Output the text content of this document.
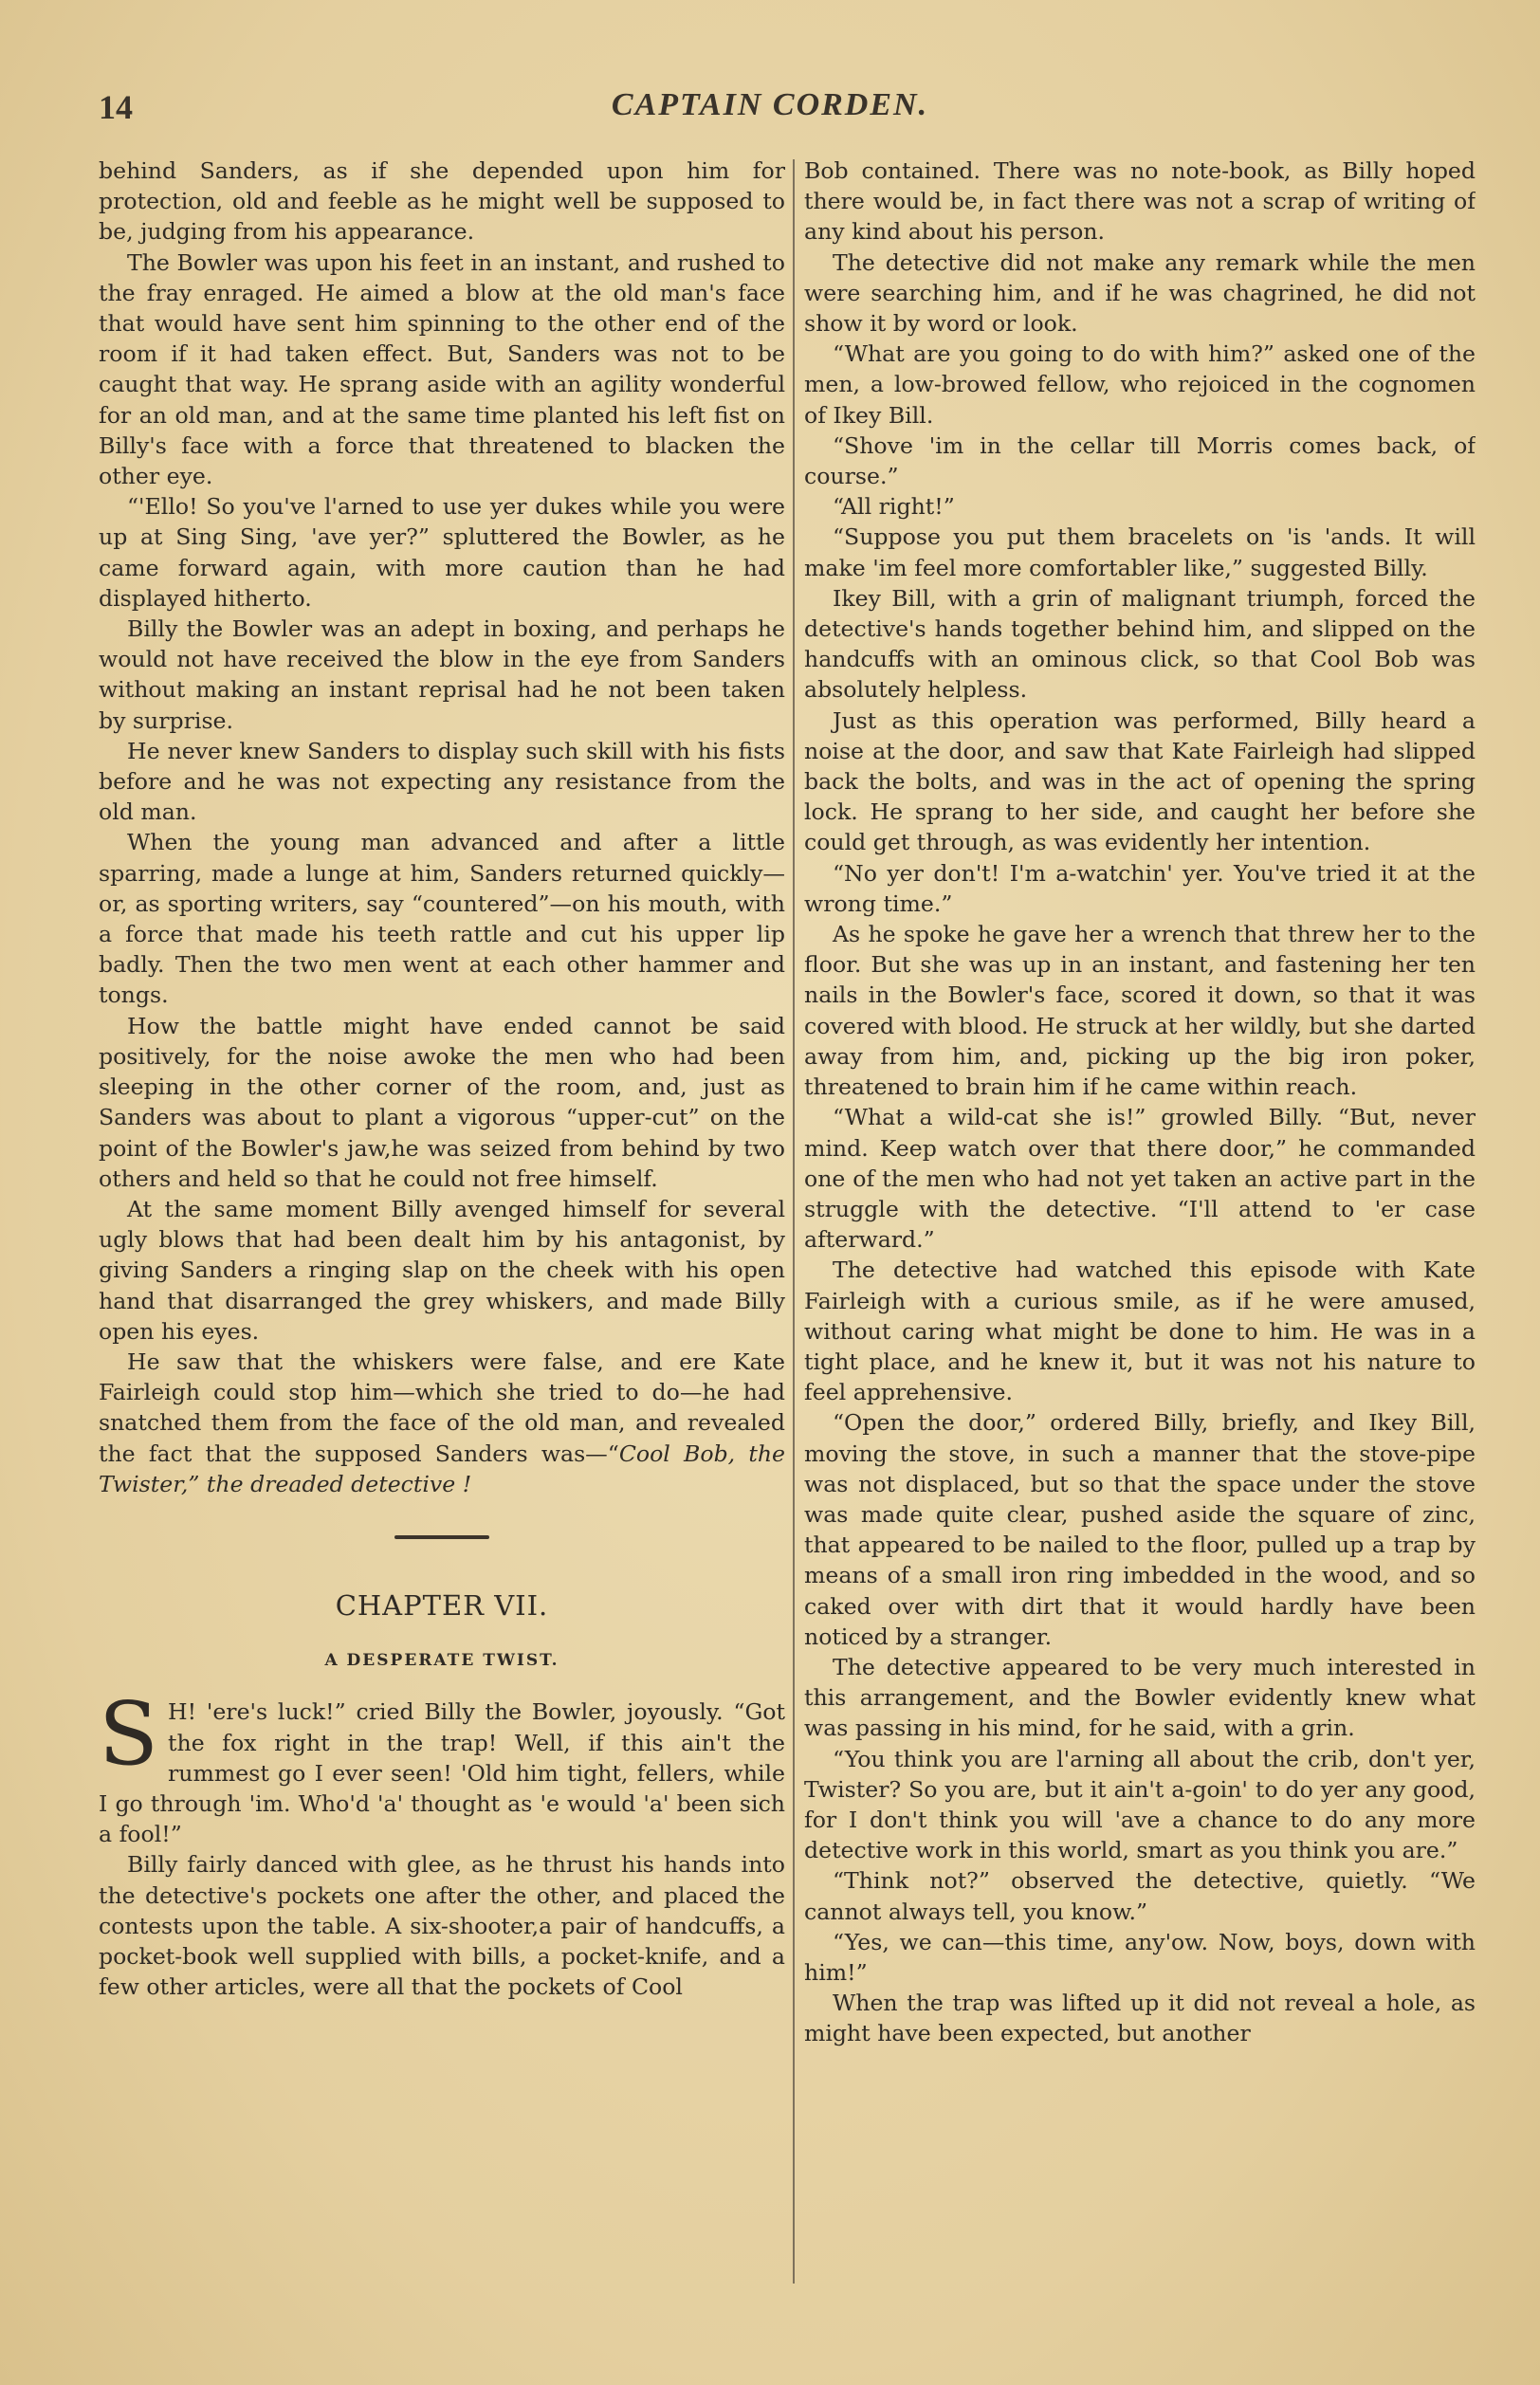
14	CAPTAIN CORDEN.

behind Sanders, as if she depended upon him for protection, old and feeble as he might well be supposed to be, judging from his appearance.

The Bowler was upon his feet in an instant, and rushed to the fray enraged. He aimed a blow at the old man's face that would have sent him spinning to the other end of the room if it had taken effect. But, Sanders was not to be caught that way. He sprang aside with an agility wonderful for an old man, and at the same time planted his left fist on Billy's face with a force that threatened to blacken the other eye.

“'Ello! So you've l'arned to use yer dukes while you were up at Sing Sing, 'ave yer?” spluttered the Bowler, as he came forward again, with more caution than he had displayed hitherto.

Billy the Bowler was an adept in boxing, and perhaps he would not have received the blow in the eye from Sanders without making an instant reprisal had he not been taken by surprise.

He never knew Sanders to display such skill with his fists before and he was not expecting any resistance from the old man.

When the young man advanced and after a little sparring, made a lunge at him, Sanders returned quickly—or, as sporting writers, say “countered”—on his mouth, with a force that made his teeth rattle and cut his upper lip badly. Then the two men went at each other hammer and tongs.

How the battle might have ended cannot be said positively, for the noise awoke the men who had been sleeping in the other corner of the room, and, just as Sanders was about to plant a vigorous “upper-cut” on the point of the Bowler's jaw,he was seized from behind by two others and held so that he could not free himself.

At the same moment Billy avenged himself for several ugly blows that had been dealt him by his antagonist, by giving Sanders a ringing slap on the cheek with his open hand that disarranged the grey whiskers, and made Billy open his eyes.

He saw that the whiskers were false, and ere Kate Fairleigh could stop him—which she tried to do—he had snatched them from the face of the old man, and revealed the fact that the supposed Sanders was—“Cool Bob, the Twister,” the dreaded detective !

CHAPTER VII.
A DESPERATE TWIST.

S H! 'ere's luck!” cried Billy the Bowler, joyously. “Got the fox right in the trap! Well, if this ain't the rummest go I ever seen! 'Old him tight, fellers, while I go through 'im. Who'd 'a' thought as 'e would 'a' been sich a fool!”

Billy fairly danced with glee, as he thrust his hands into the detective's pockets one after the other, and placed the contests upon the table. A six-shooter,a pair of handcuffs, a pocket-book well supplied with bills, a pocket-knife, and a few other articles, were all that the pockets of Cool

Bob contained. There was no note-book, as Billy hoped there would be, in fact there was not a scrap of writing of any kind about his person.

The detective did not make any remark while the men were searching him, and if he was chagrined, he did not show it by word or look.

“What are you going to do with him?” asked one of the men, a low-browed fellow, who rejoiced in the cognomen of Ikey Bill.

“Shove 'im in the cellar till Morris comes back, of course.”

“All right!”

“Suppose you put them bracelets on 'is 'ands. It will make 'im feel more comfortabler like,” suggested Billy.

Ikey Bill, with a grin of malignant triumph, forced the detective's hands together behind him, and slipped on the handcuffs with an ominous click, so that Cool Bob was absolutely helpless.

Just as this operation was performed, Billy heard a noise at the door, and saw that Kate Fairleigh had slipped back the bolts, and was in the act of opening the spring lock. He sprang to her side, and caught her before she could get through, as was evidently her intention.

“No yer don't! I'm a-watchin' yer. You've tried it at the wrong time.”

As he spoke he gave her a wrench that threw her to the floor. But she was up in an instant, and fastening her ten nails in the Bowler's face, scored it down, so that it was covered with blood. He struck at her wildly, but she darted away from him, and, picking up the big iron poker, threatened to brain him if he came within reach.

“What a wild-cat she is!” growled Billy. “But, never mind. Keep watch over that there door,” he commanded one of the men who had not yet taken an active part in the struggle with the detective. “I'll attend to 'er case afterward.”

The detective had watched this episode with Kate Fairleigh with a curious smile, as if he were amused, without caring what might be done to him. He was in a tight place, and he knew it, but it was not his nature to feel apprehensive.

“Open the door,” ordered Billy, briefly, and Ikey Bill, moving the stove, in such a manner that the stove-pipe was not displaced, but so that the space under the stove was made quite clear, pushed aside the square of zinc, that appeared to be nailed to the floor, pulled up a trap by means of a small iron ring imbedded in the wood, and so caked over with dirt that it would hardly have been noticed by a stranger.

The detective appeared to be very much interested in this arrangement, and the Bowler evidently knew what was passing in his mind, for he said, with a grin.

“You think you are l'arning all about the crib, don't yer, Twister? So you are, but it ain't a-goin' to do yer any good, for I don't think you will 'ave a chance to do any more detective work in this world, smart as you think you are.”

“Think not?” observed the detective, quietly. “We cannot always tell, you know.”

“Yes, we can—this time, any'ow. Now, boys, down with him!”

When the trap was lifted up it did not reveal a hole, as might have been expected, but another
